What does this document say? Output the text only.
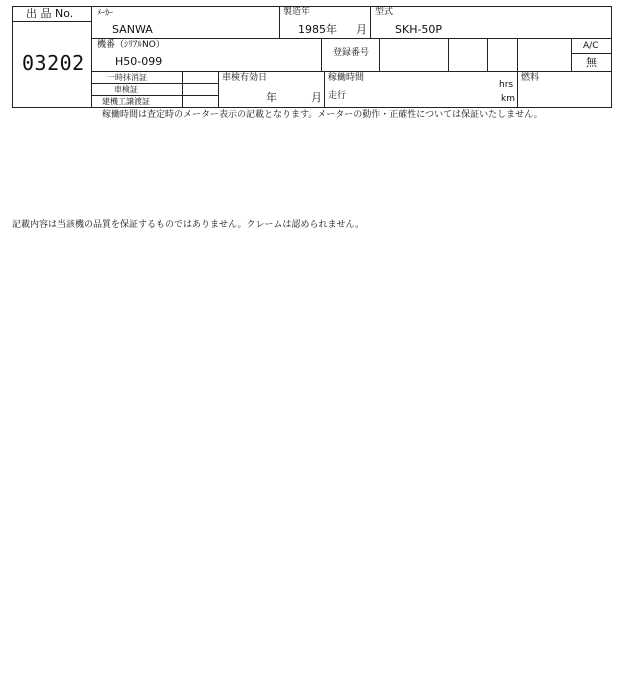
出 品 No.
03202
ﾒｰｶｰ
SANWA
製造年
1985 年 月
型式
SKH-50P
機番（ｼﾘｱﾙNO）
H50-099
登録番号
A/C
無
一時抹消証
車検証
建機工譲渡証
車検有効日
年	月
稼働時間
hrs
走行	km
燃料
稼働時間は査定時のメーター表示の記載となります。メーターの動作・正確性については保証いたしません。
記載内容は当該機の品質を保証するものではありません。クレームは認められません。
